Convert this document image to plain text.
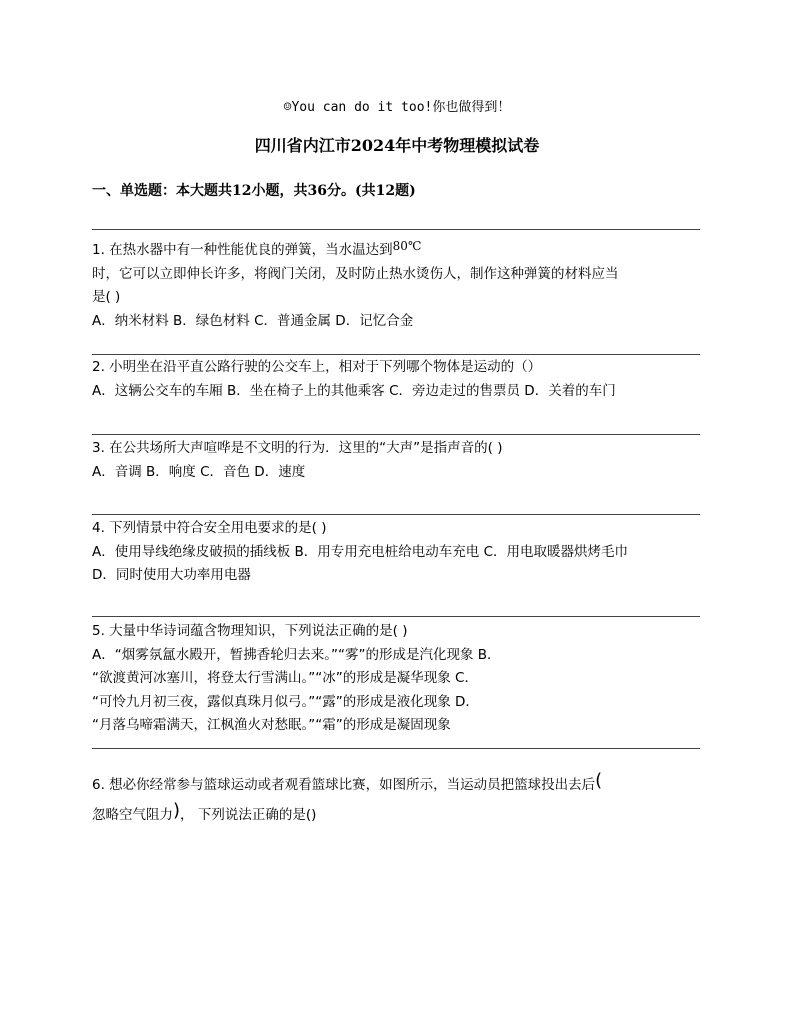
☺You can do it too!你也做得到！
四川省内江市2024年中考物理模拟试卷
一、单选题：本大题共12小题，共36分。(共12题)

1. 在热水器中有一种性能优良的弹簧，当水温达到80℃

时，它可以立即伸长许多，将阀门关闭，及时防止热水烫伤人，制作这种弹簧的材料应当

是( )

A．纳米材料 B．绿色材料 C．普通金属 D．记忆合金

2. 小明坐在沿平直公路行驶的公交车上，相对于下列哪个物体是运动的（）

A．这辆公交车的车厢 B．坐在椅子上的其他乘客 C．旁边走过的售票员 D．关着的车门

3. 在公共场所大声喧哗是不文明的行为．这里的“大声”是指声音的( )

A．音调 B．响度 C．音色 D．速度

4. 下列情景中符合安全用电要求的是( )

A．使用导线绝缘皮破损的插线板 B．用专用充电桩给电动车充电 C．用电取暖器烘烤毛巾

D．同时使用大功率用电器

5. 大量中华诗词蕴含物理知识，下列说法正确的是( )

A．“烟雾氛氲水殿开，暂拂香轮归去来。”“雾”的形成是汽化现象 B．

“欲渡黄河冰塞川，将登太行雪满山。”“冰”的形成是凝华现象 C．

“可怜九月初三夜，露似真珠月似弓。”“露”的形成是液化现象 D．

“月落乌啼霜满天，江枫渔火对愁眠。”“霜”的形成是凝固现象

6. 想必你经常参与篮球运动或者观看篮球比赛，如图所示，当运动员把篮球投出去后(

忽略空气阻力)， 下列说法正确的是()
